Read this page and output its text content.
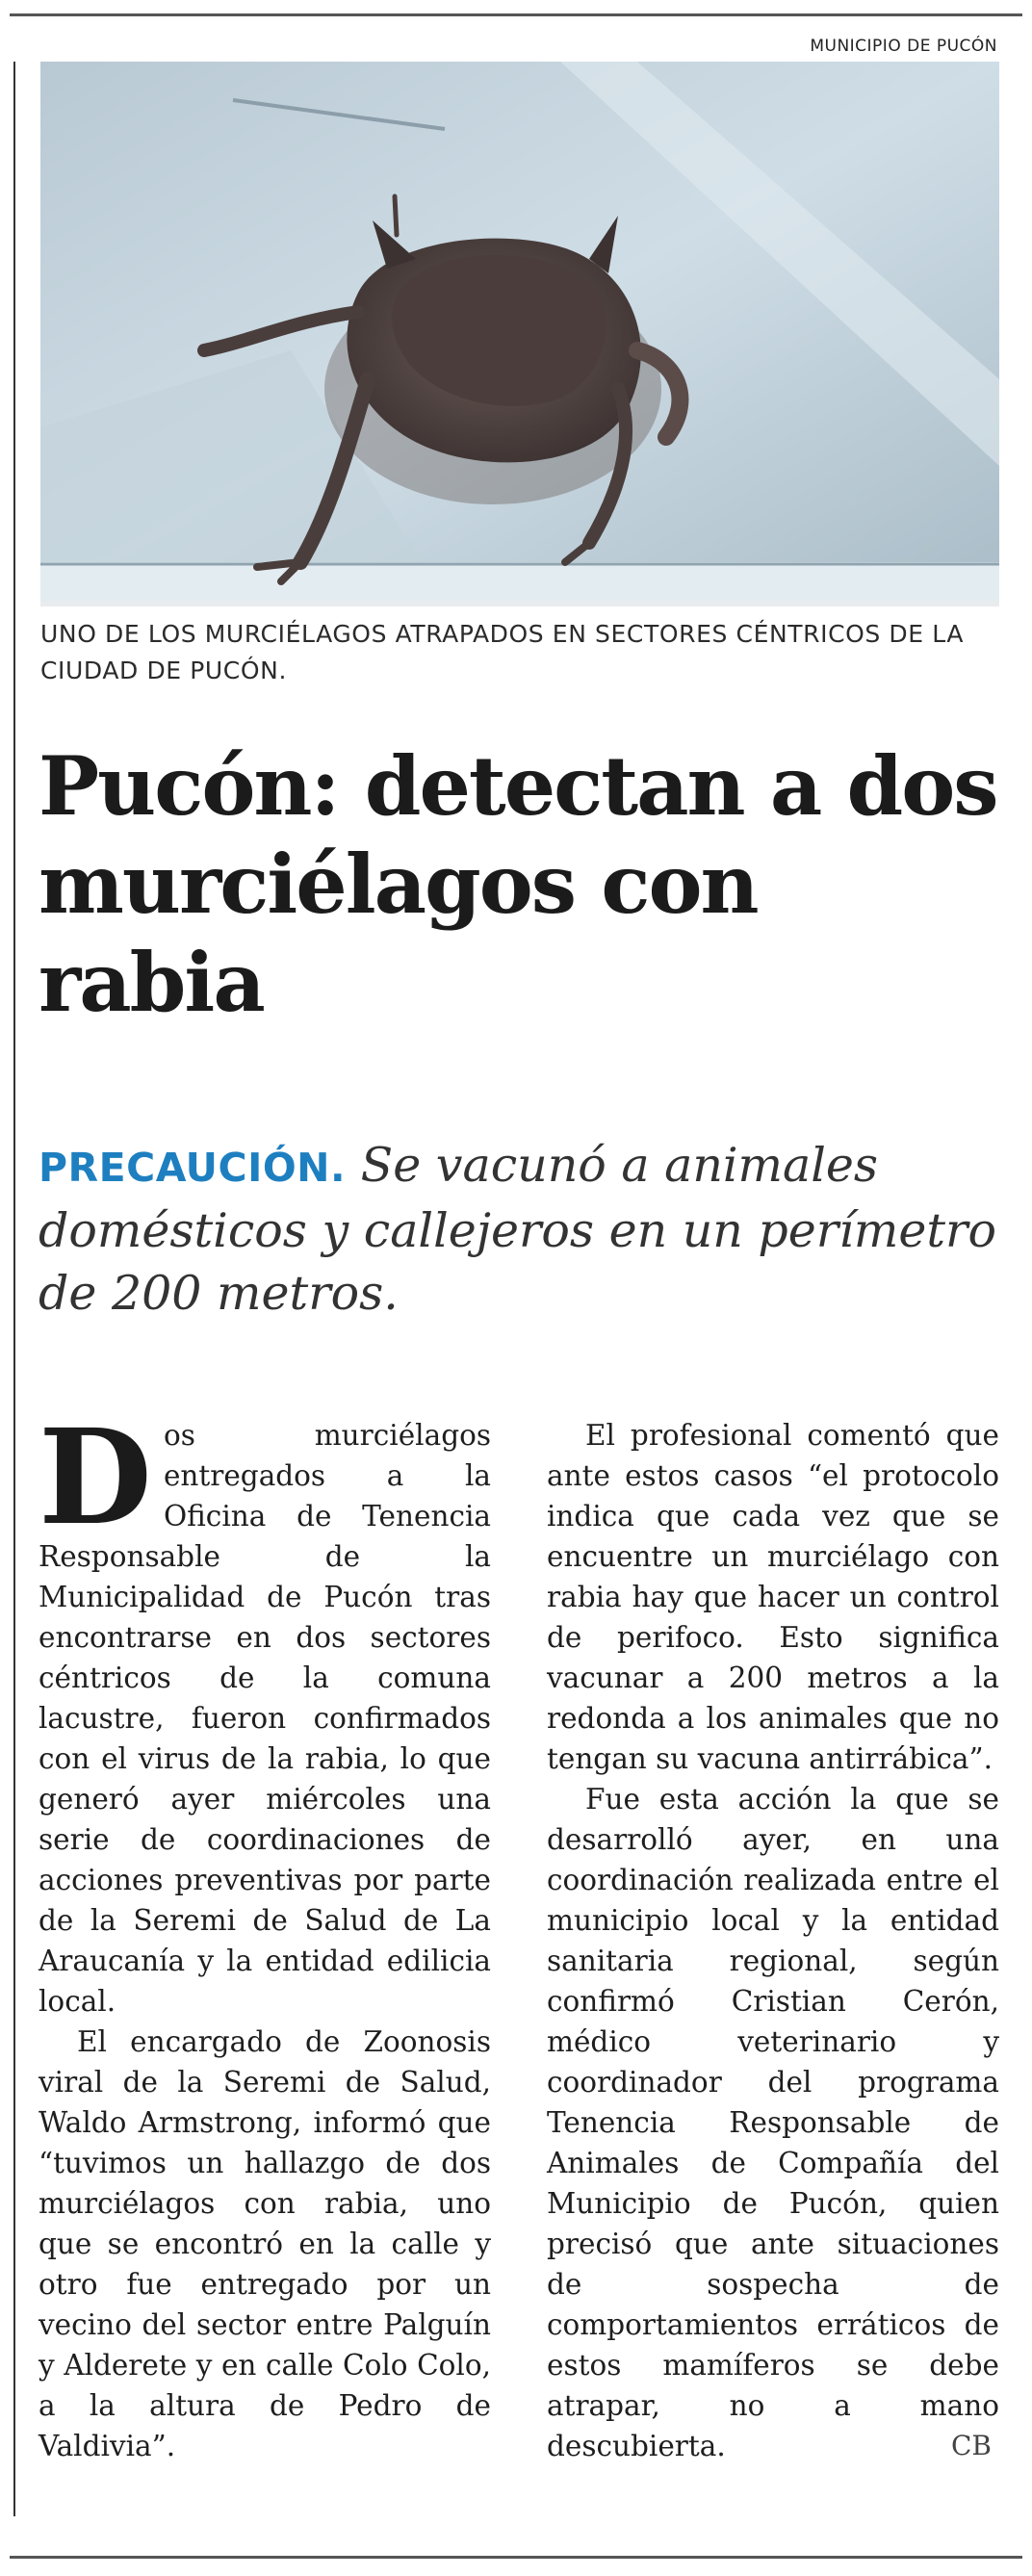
MUNICIPIO DE PUCÓN
UNO DE LOS MURCIÉLAGOS ATRAPADOS EN SECTORES CÉNTRICOS DE LA CIUDAD DE PUCÓN.
Pucón: detectan a dos murciélagos con rabia
PRECAUCIÓN. Se vacunó a animales domésticos y callejeros en un perímetro de 200 metros.

Dos murciélagos entregados a la Oficina de Tenencia Responsable de la Municipalidad de Pucón tras encontrarse en dos sectores céntricos de la comuna lacustre, fueron confirmados con el virus de la rabia, lo que generó ayer miércoles una serie de coordinaciones de acciones preventivas por parte de la Seremi de Salud de La Araucanía y la entidad edilicia local.

El encargado de Zoonosis viral de la Seremi de Salud, Waldo Armstrong, informó que “tuvimos un hallazgo de dos murciélagos con rabia, uno que se encontró en la calle y otro fue entregado por un vecino del sector entre Palguín y Alderete y en calle Colo Colo, a la altura de Pedro de Valdivia”.

El profesional comentó que ante estos casos “el protocolo indica que cada vez que se encuentre un murciélago con rabia hay que hacer un control de perifoco. Esto significa vacunar a 200 metros a la redonda a los animales que no tengan su vacuna antirrábica”.

Fue esta acción la que se desarrolló ayer, en una coordinación realizada entre el municipio local y la entidad sanitaria regional, según confirmó Cristian Cerón, médico veterinario y coordinador del programa Tenencia Responsable de Animales de Compañía del Municipio de Pucón, quien precisó que ante situaciones de sospecha de comportamientos erráticos de estos mamíferos se debe atrapar, no a mano descubierta.	CB
